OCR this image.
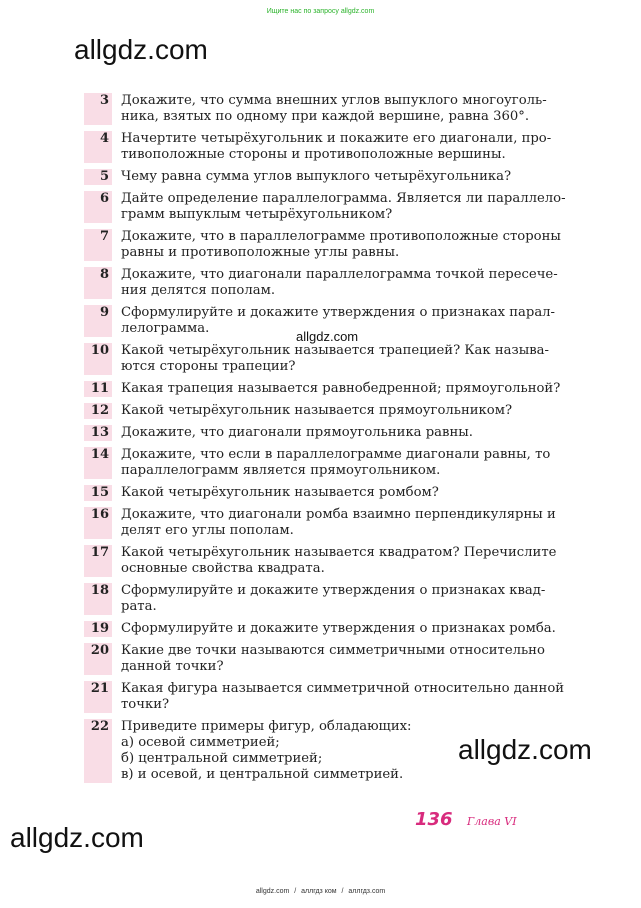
Ищите нас по запросу allgdz.com
allgdz.com
allgdz.com
allgdz.com
allgdz.com
3 Докажите, что сумма внешних углов выпуклого многоуголь-
ника, взятых по одному при каждой вершине, равна 360°.
4 Начертите четырёхугольник и покажите его диагонали, про-
тивоположные стороны и противоположные вершины.
5 Чему равна сумма углов выпуклого четырёхугольника?
6 Дайте определение параллелограмма. Является ли параллело-
грамм выпуклым четырёхугольником?
7 Докажите, что в параллелограмме противоположные стороны
равны и противоположные углы равны.
8 Докажите, что диагонали параллелограмма точкой пересече-
ния делятся пополам.
9 Сформулируйте и докажите утверждения о признаках парал-
лелограмма.
10 Какой четырёхугольник называется трапецией? Как называ-
ются стороны трапеции?
11 Какая трапеция называется равнобедренной; прямоугольной?
12 Какой четырёхугольник называется прямоугольником?
13 Докажите, что диагонали прямоугольника равны.
14 Докажите, что если в параллелограмме диагонали равны, то
параллелограмм является прямоугольником.
15 Какой четырёхугольник называется ромбом?
16 Докажите, что диагонали ромба взаимно перпендикулярны и
делят его углы пополам.
17 Какой четырёхугольник называется квадратом? Перечислите
основные свойства квадрата.
18 Сформулируйте и докажите утверждения о признаках квад-
рата.
19 Сформулируйте и докажите утверждения о признаках ромба.
20 Какие две точки называются симметричными относительно
данной точки?
21 Какая фигура называется симметричной относительно данной
точки?
22 Приведите примеры фигур, обладающих:
а) осевой симметрией;
б) центральной симметрией;
в) и осевой, и центральной симметрией.
136 Глава VI
allgdz.com / аллгдз ком / аллгдз.com
